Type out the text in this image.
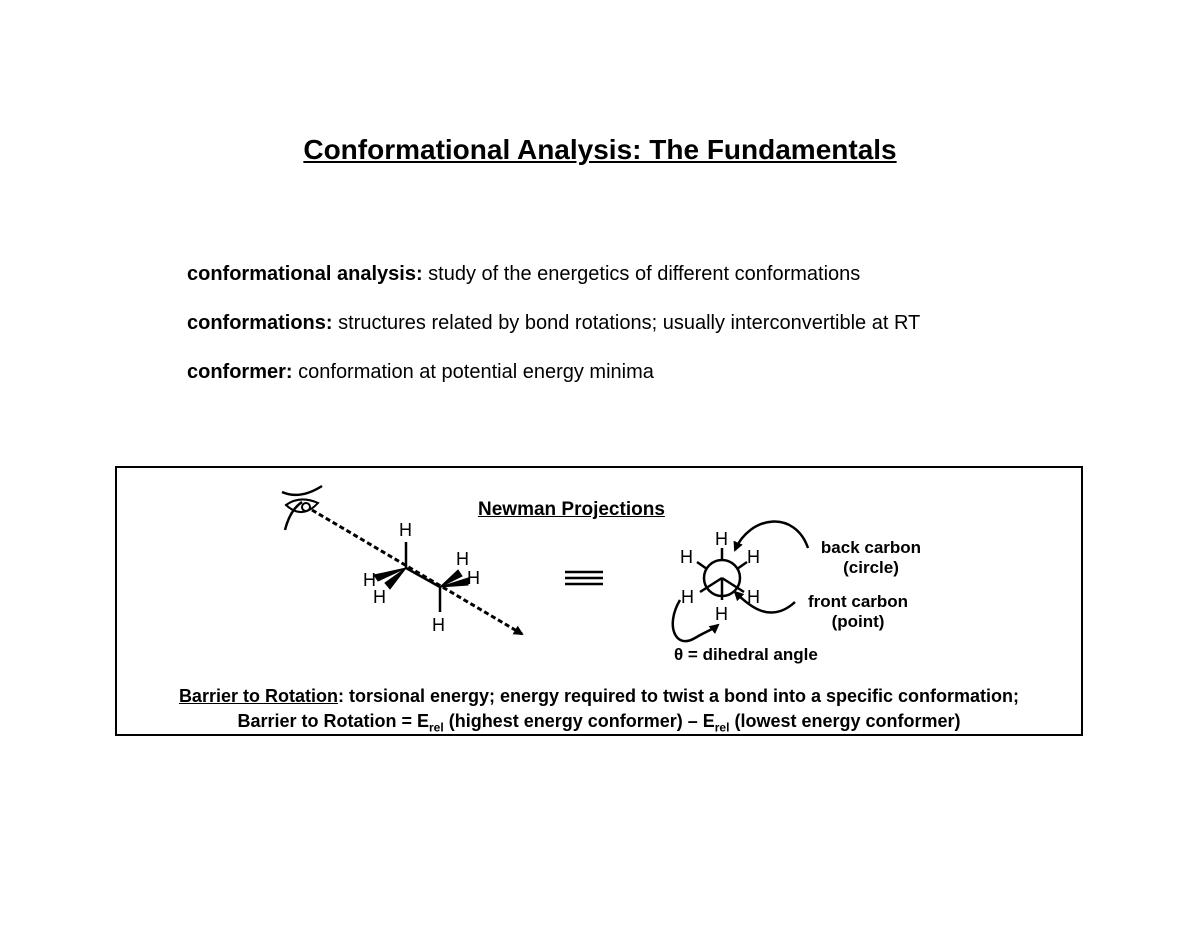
Conformational Analysis: The Fundamentals
conformational analysis: study of the energetics of different conformations
conformations: structures related by bond rotations; usually interconvertible at RT
conformer: conformation at potential energy minima
H
H
H	H
H
H
H
H	H
H	H
H
Newman Projections
back carbon
(circle)
front carbon
(point)
θ = dihedral angle
Barrier to Rotation: torsional energy; energy required to twist a bond into a specific conformation;
Barrier to Rotation = $E_{rel}$ (highest energy conformer) – $E_{rel}$ (lowest energy conformer)
